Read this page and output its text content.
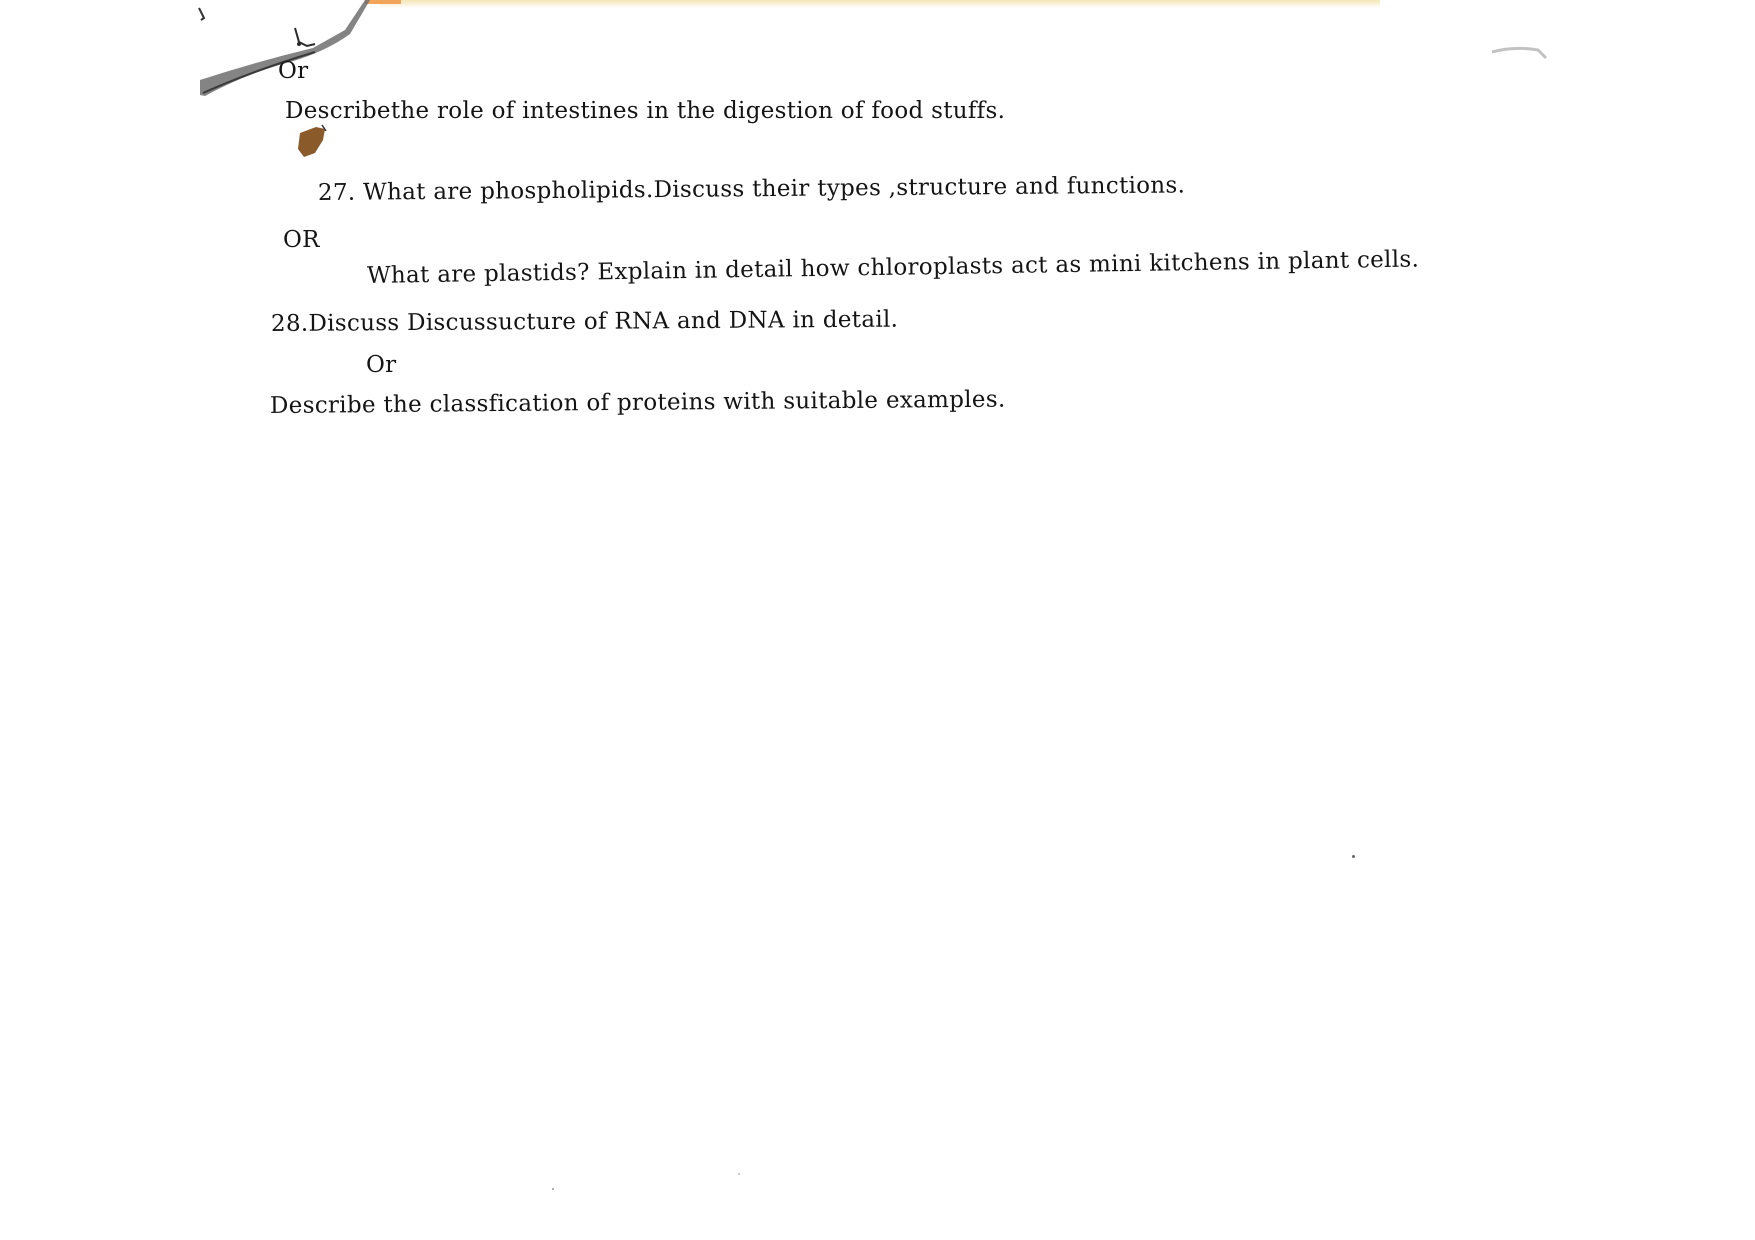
Or
Describethe role of intestines in the digestion of food stuffs.
27. What are phospholipids.Discuss their types ,structure and functions.
OR
What are plastids? Explain in detail how chloroplasts act as mini kitchens in plant cells.
28.Discuss Discussucture of RNA and DNA in detail.
Or
Describe the classfication of proteins with suitable examples.
